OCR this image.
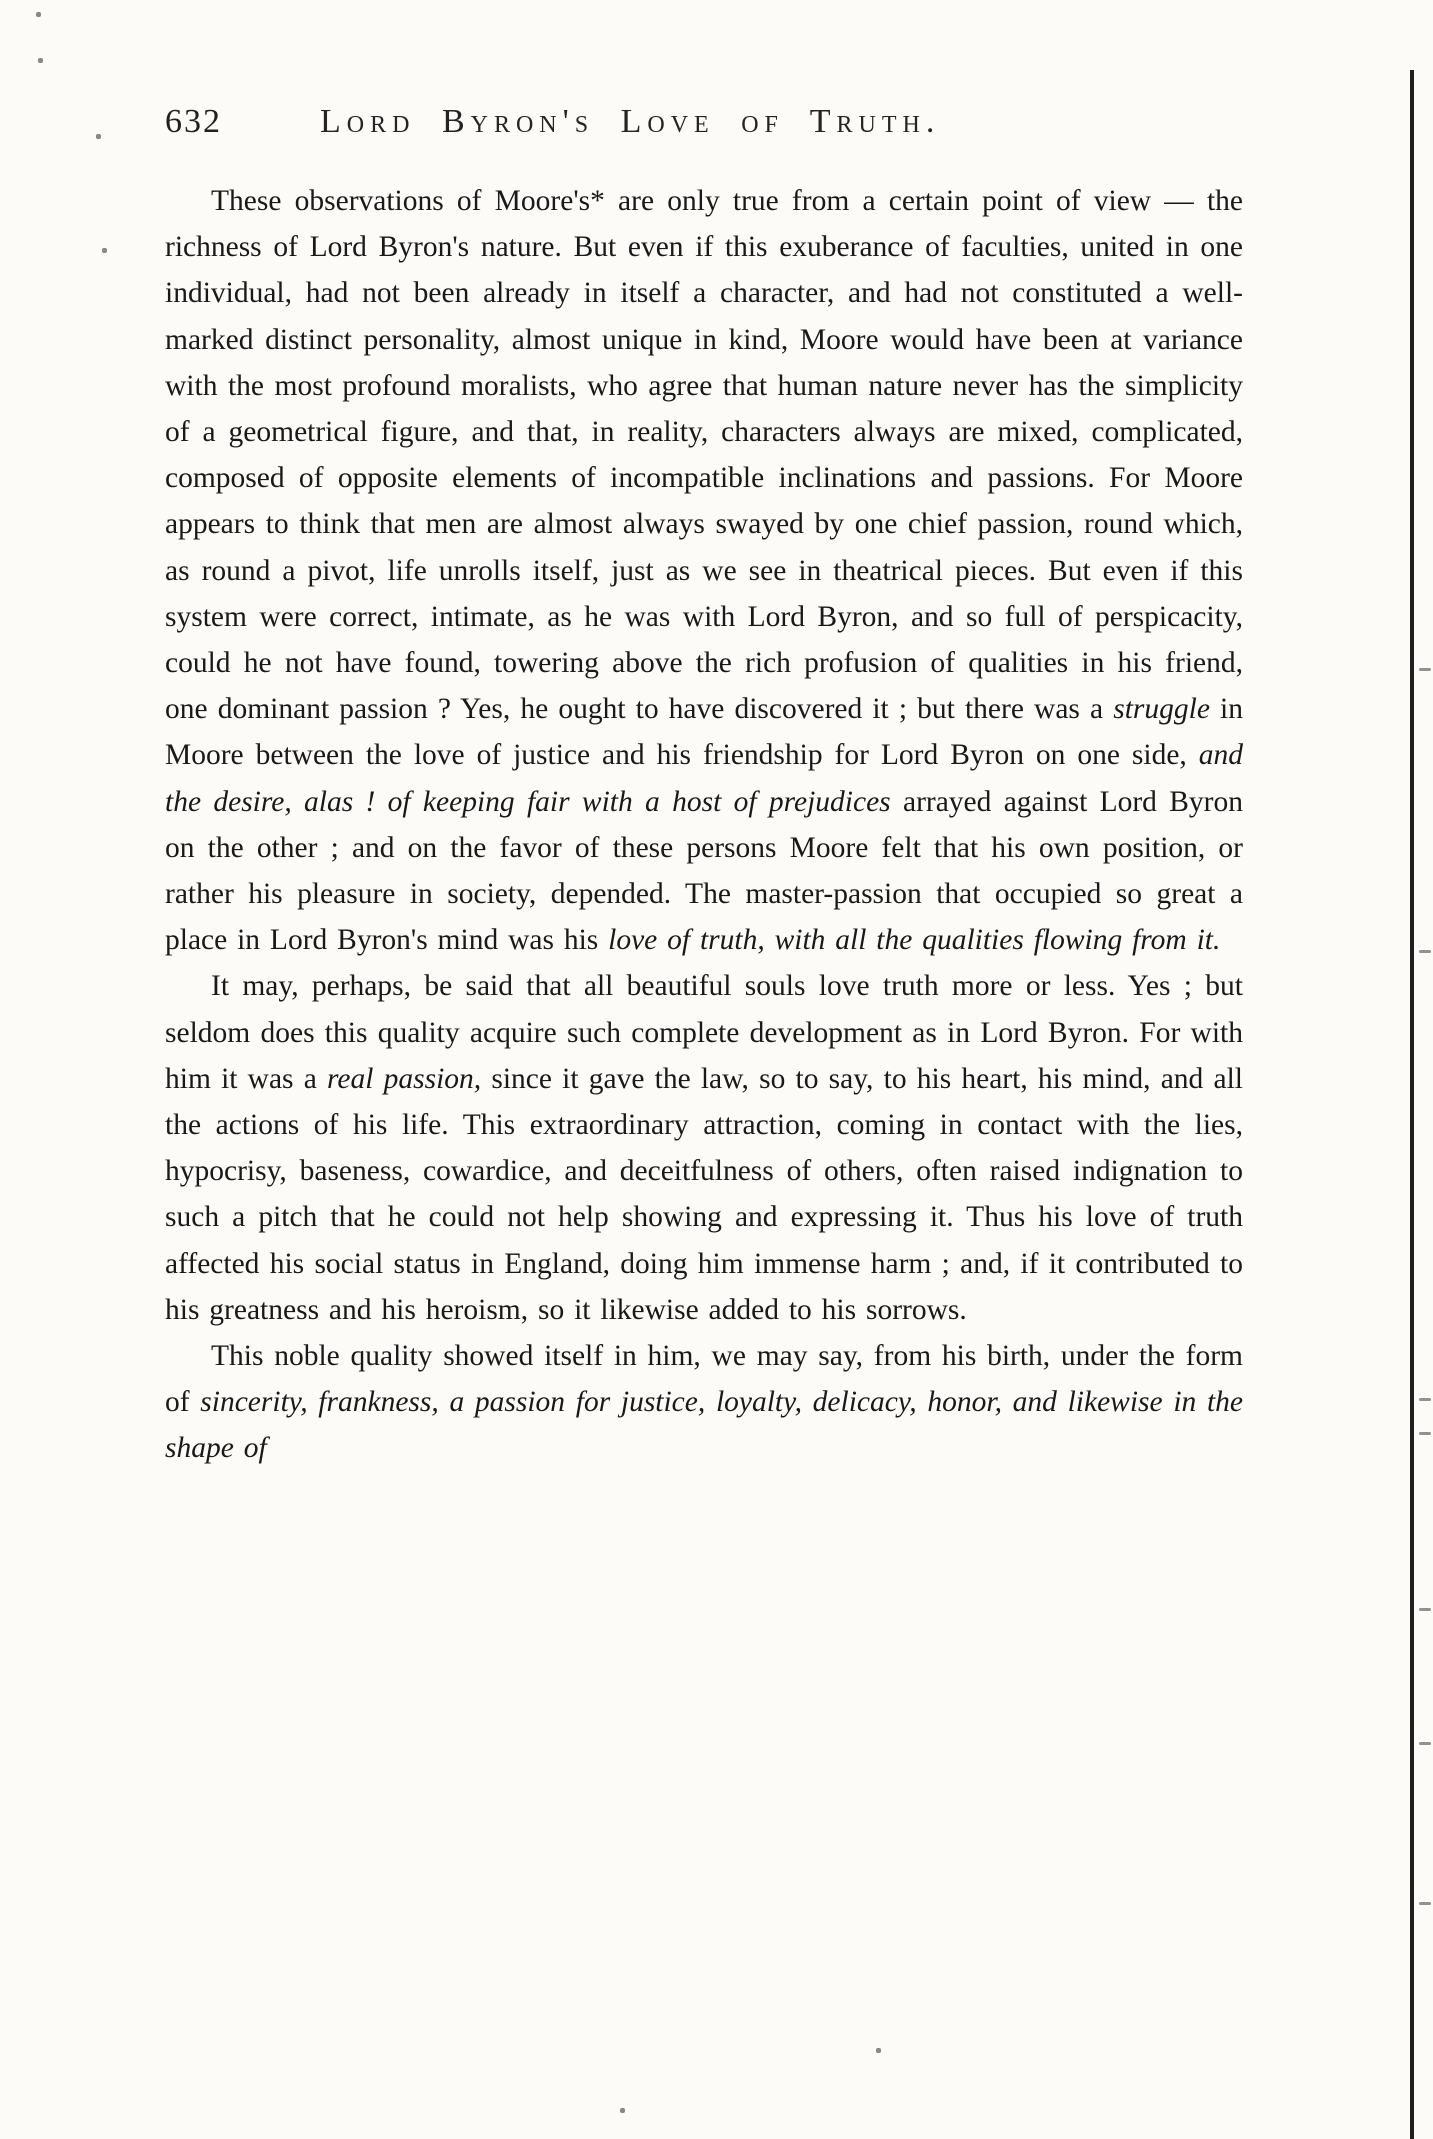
632	Lord Byron's Love of Truth.

These observations of Moore's* are only true from a certain point of view — the richness of Lord Byron's nature. But even if this exuberance of faculties, united in one individual, had not been already in itself a character, and had not constituted a well-marked distinct personality, almost unique in kind, Moore would have been at variance with the most profound moralists, who agree that human nature never has the simplicity of a geometrical figure, and that, in reality, characters always are mixed, complicated, composed of opposite elements of incompatible inclinations and passions. For Moore appears to think that men are almost always swayed by one chief passion, round which, as round a pivot, life unrolls itself, just as we see in theatrical pieces. But even if this system were correct, intimate, as he was with Lord Byron, and so full of perspicacity, could he not have found, towering above the rich profusion of qualities in his friend, one dominant passion ? Yes, he ought to have discovered it ; but there was a struggle in Moore between the love of justice and his friendship for Lord Byron on one side, and the desire, alas ! of keeping fair with a host of prejudices arrayed against Lord Byron on the other ; and on the favor of these persons Moore felt that his own position, or rather his pleasure in society, depended. The master-passion that occupied so great a place in Lord Byron's mind was his love of truth, with all the qualities flowing from it.

It may, perhaps, be said that all beautiful souls love truth more or less. Yes ; but seldom does this quality acquire such complete development as in Lord Byron. For with him it was a real passion, since it gave the law, so to say, to his heart, his mind, and all the actions of his life. This extraordinary attraction, coming in contact with the lies, hypocrisy, baseness, cowardice, and deceitfulness of others, often raised indignation to such a pitch that he could not help showing and expressing it. Thus his love of truth affected his social status in England, doing him immense harm ; and, if it contributed to his greatness and his heroism, so it likewise added to his sorrows.

This noble quality showed itself in him, we may say, from his birth, under the form of sincerity, frankness, a passion for justice, loyalty, delicacy, honor, and likewise in the shape of
